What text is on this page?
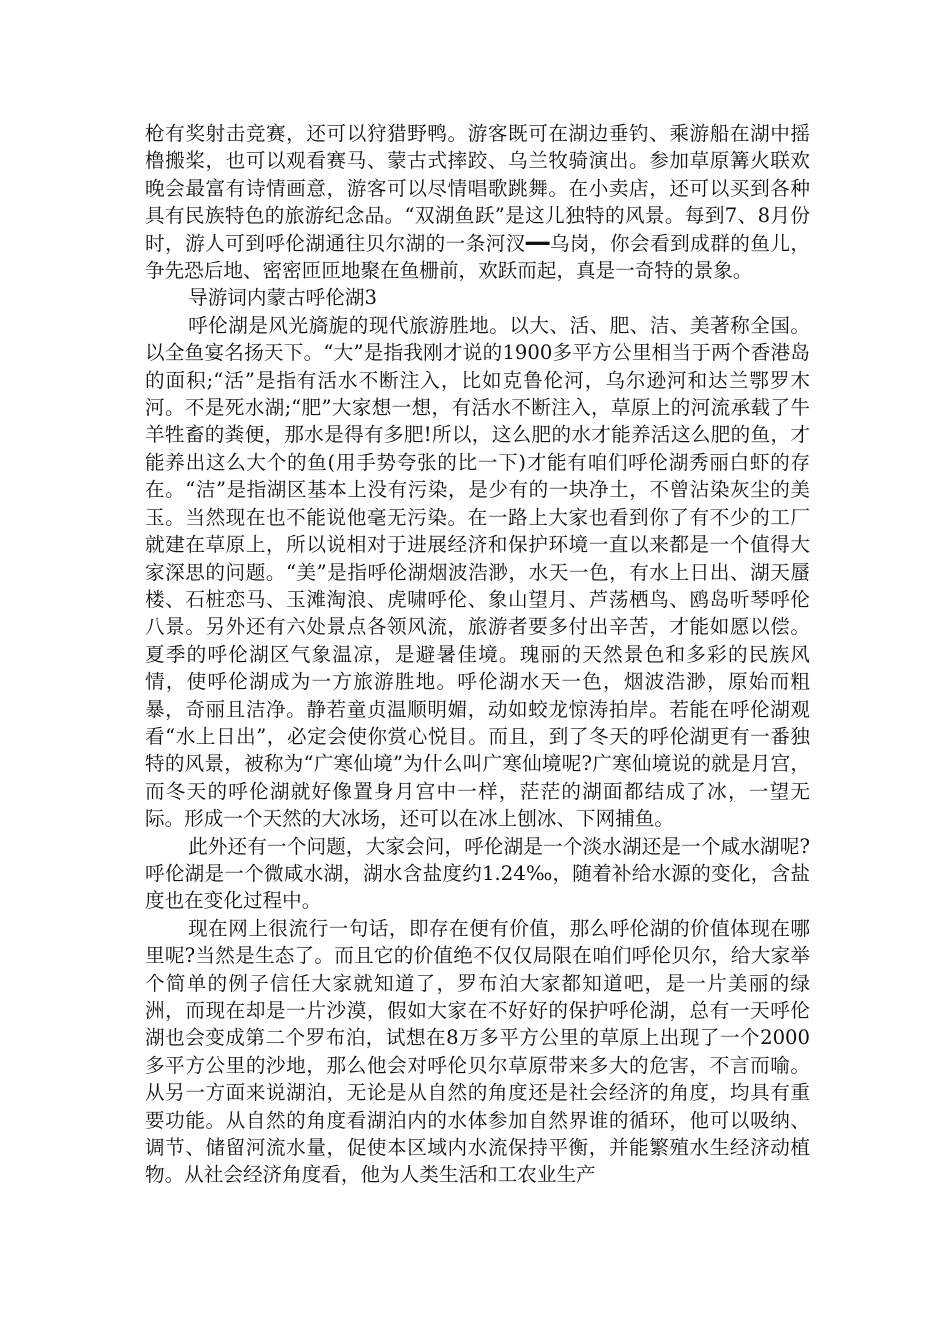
枪有奖射击竞赛，还可以狩猎野鸭。游客既可在湖边垂钓、乘游船在湖中摇橹搬桨，也可以观看赛马、蒙古式摔跤、乌兰牧骑演出。参加草原篝火联欢晚会最富有诗情画意，游客可以尽情唱歌跳舞。在小卖店，还可以买到各种具有民族特色的旅游纪念品。“双湖鱼跃”是这儿独特的风景。每到7、8月份时，游人可到呼伦湖通往贝尔湖的一条河汊━━乌岗，你会看到成群的鱼儿，争先恐后地、密密匝匝地聚在鱼栅前，欢跃而起，真是一奇特的景象。

导游词内蒙古呼伦湖3

呼伦湖是风光旖旎的现代旅游胜地。以大、活、肥、洁、美著称全国。以全鱼宴名扬天下。“大”是指我刚才说的1900多平方公里相当于两个香港岛的面积;“活”是指有活水不断注入，比如克鲁伦河，乌尔逊河和达兰鄂罗木河。不是死水湖;“肥”大家想一想，有活水不断注入，草原上的河流承载了牛羊牲畜的粪便，那水是得有多肥!所以，这么肥的水才能养活这么肥的鱼，才能养出这么大个的鱼(用手势夸张的比一下)才能有咱们呼伦湖秀丽白虾的存在。“洁”是指湖区基本上没有污染，是少有的一块净土，不曾沾染灰尘的美玉。当然现在也不能说他毫无污染。在一路上大家也看到你了有不少的工厂就建在草原上，所以说相对于进展经济和保护环境一直以来都是一个值得大家深思的问题。“美”是指呼伦湖烟波浩渺，水天一色，有水上日出、湖天蜃楼、石桩恋马、玉滩淘浪、虎啸呼伦、象山望月、芦荡栖鸟、鸥岛听琴呼伦八景。另外还有六处景点各领风流，旅游者要多付出辛苦，才能如愿以偿。夏季的呼伦湖区气象温凉，是避暑佳境。瑰丽的天然景色和多彩的民族风情，使呼伦湖成为一方旅游胜地。呼伦湖水天一色，烟波浩渺，原始而粗暴，奇丽且洁净。静若童贞温顺明媚，动如蛟龙惊涛拍岸。若能在呼伦湖观看“水上日出”，必定会使你赏心悦目。而且，到了冬天的呼伦湖更有一番独特的风景，被称为“广寒仙境”为什么叫广寒仙境呢?广寒仙境说的就是月宫，而冬天的呼伦湖就好像置身月宫中一样，茫茫的湖面都结成了冰，一望无际。形成一个天然的大冰场，还可以在冰上刨冰、下网捕鱼。

此外还有一个问题，大家会问，呼伦湖是一个淡水湖还是一个咸水湖呢?呼伦湖是一个微咸水湖，湖水含盐度约1.24‰，随着补给水源的变化，含盐度也在变化过程中。

现在网上很流行一句话，即存在便有价值，那么呼伦湖的价值体现在哪里呢?当然是生态了。而且它的价值绝不仅仅局限在咱们呼伦贝尔，给大家举个简单的例子信任大家就知道了，罗布泊大家都知道吧，是一片美丽的绿洲，而现在却是一片沙漠，假如大家在不好好的保护呼伦湖，总有一天呼伦湖也会变成第二个罗布泊，试想在8万多平方公里的草原上出现了一个2000多平方公里的沙地，那么他会对呼伦贝尔草原带来多大的危害，不言而喻。从另一方面来说湖泊，无论是从自然的角度还是社会经济的角度，均具有重要功能。从自然的角度看湖泊内的水体参加自然界谁的循环，他可以吸纳、调节、储留河流水量，促使本区域内水流保持平衡，并能繁殖水生经济动植物。从社会经济角度看，他为人类生活和工农业生产
